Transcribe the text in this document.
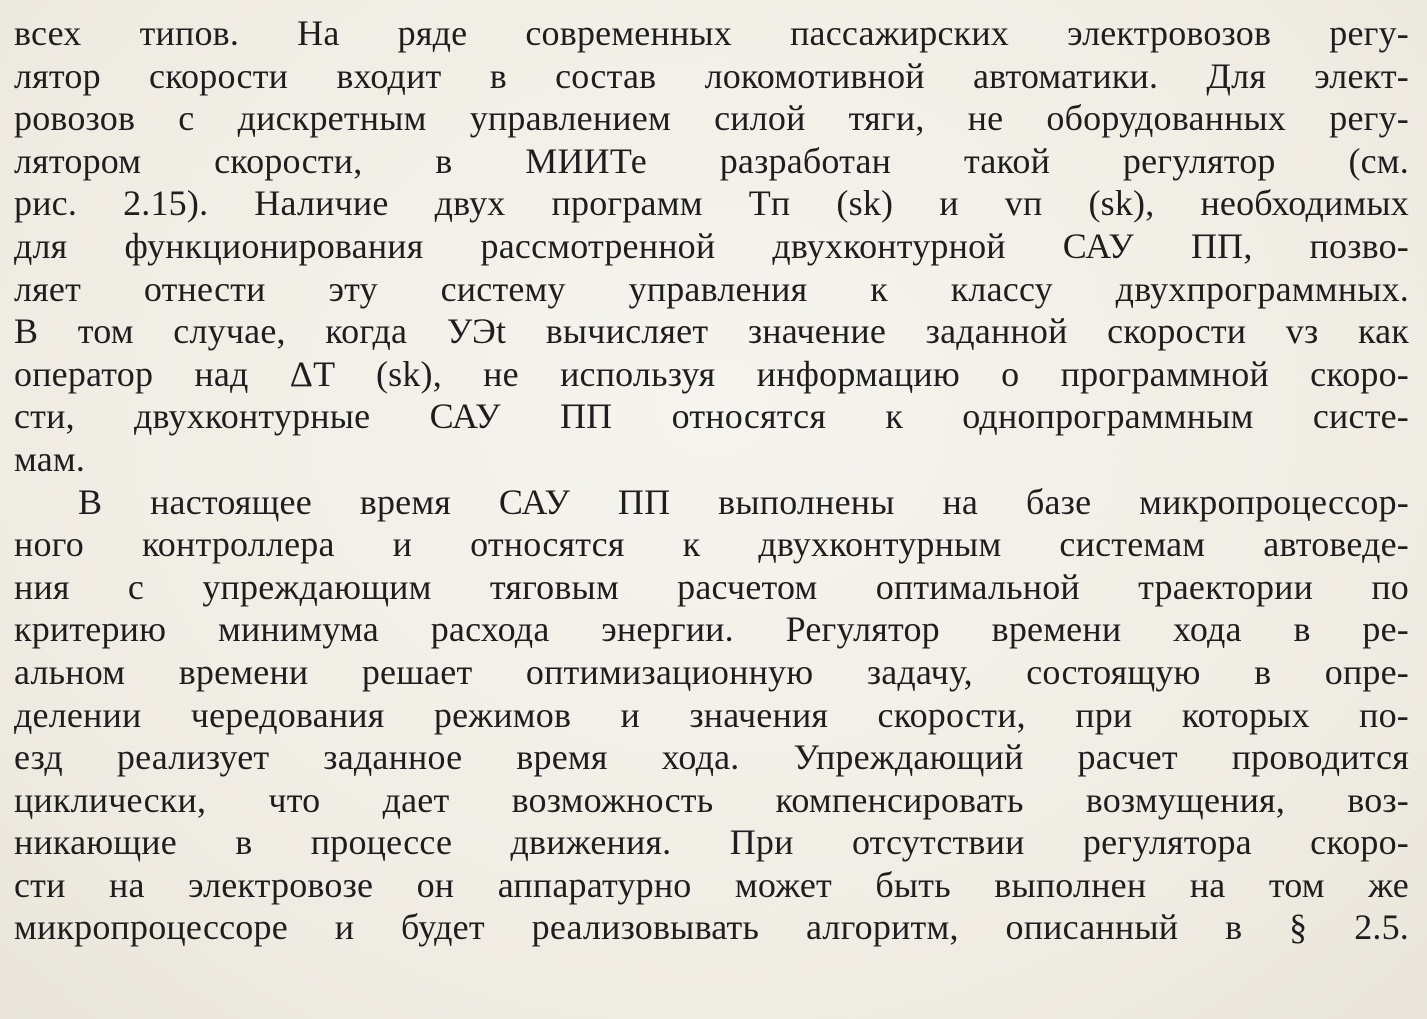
всех типов. На ряде современных пассажирских электровозов регу-
лятор скорости входит в состав локомотивной автоматики. Для элект-
ровозов с дискретным управлением силой тяги, не оборудованных регу-
лятором скорости, в МИИТе разработан такой регулятор (см.
рис. 2.15). Наличие двух программ Tп (sk) и vп (sk), необходимых
для функционирования рассмотренной двухконтурной САУ ПП, позво-
ляет отнести эту систему управления к классу двухпрограммных.
В том случае, когда УЭt вычисляет значение заданной скорости vз как
оператор над ΔT (sk), не используя информацию о программной скоро-
сти, двухконтурные САУ ПП относятся к однопрограммным систе-
мам.
В настоящее время САУ ПП выполнены на базе микропроцессор-
ного контроллера и относятся к двухконтурным системам автоведе-
ния с упреждающим тяговым расчетом оптимальной траектории по
критерию минимума расхода энергии. Регулятор времени хода в ре-
альном времени решает оптимизационную задачу, состоящую в опре-
делении чередования режимов и значения скорости, при которых по-
езд реализует заданное время хода. Упреждающий расчет проводится
циклически, что дает возможность компенсировать возмущения, воз-
никающие в процессе движения. При отсутствии регулятора скоро-
сти на электровозе он аппаратурно может быть выполнен на том же
микропроцессоре и будет реализовывать алгоритм, описанный в § 2.5.
